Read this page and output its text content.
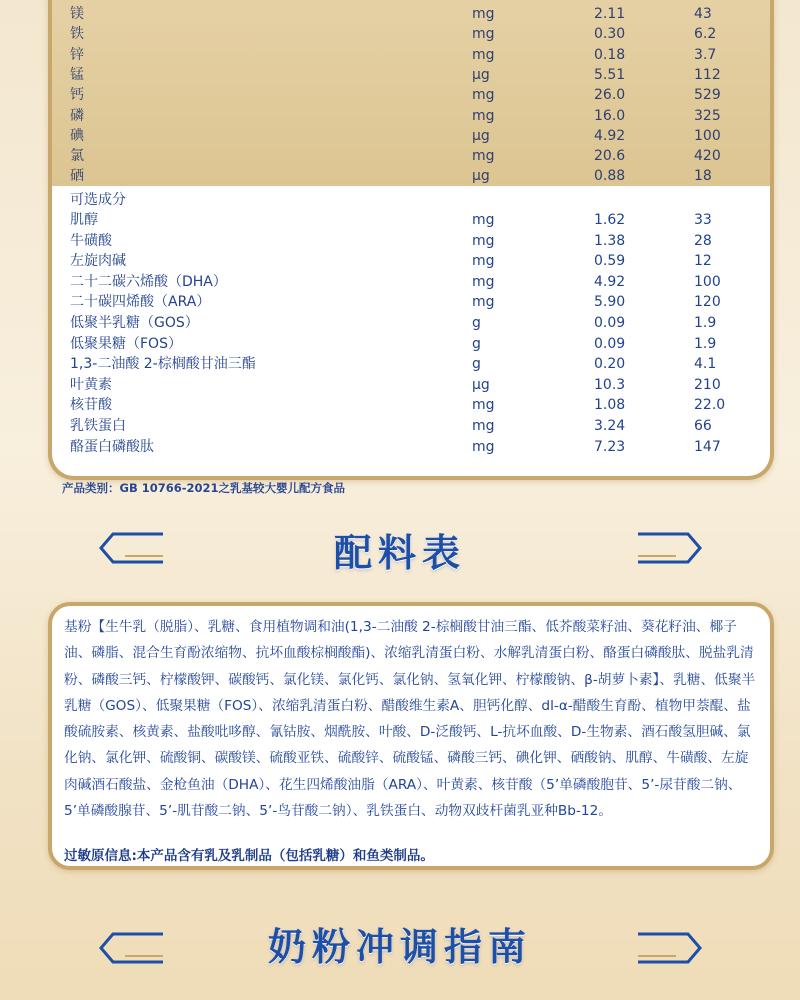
镁	mg	2.11	43
铁	mg	0.30	6.2
锌	mg	0.18	3.7
锰	μg	5.51	112
钙	mg	26.0	529
磷	mg	16.0	325
碘	μg	4.92	100
氯	mg	20.6	420
硒	μg	0.88	18
可选成分
肌醇	mg	1.62	33
牛磺酸	mg	1.38	28
左旋肉碱	mg	0.59	12
二十二碳六烯酸（DHA）	mg	4.92	100
二十碳四烯酸（ARA）	mg	5.90	120
低聚半乳糖（GOS）	g	0.09	1.9
低聚果糖（FOS）	g	0.09	1.9
1,3-二油酸 2-棕榈酸甘油三酯	g	0.20	4.1
叶黄素	μg	10.3	210
核苷酸	mg	1.08	22.0
乳铁蛋白	mg	3.24	66
酪蛋白磷酸肽	mg	7.23	147
产品类别：GB 10766-2021之乳基较大婴儿配方食品
配料表
基粉【生牛乳（脱脂）、乳糖、食用植物调和油(1,3-二油酸 2-棕榈酸甘油三酯、低芥酸菜籽油、葵花籽油、椰子油、磷脂、混合生育酚浓缩物、抗坏血酸棕榈酸酯)、浓缩乳清蛋白粉、水解乳清蛋白粉、酪蛋白磷酸肽、脱盐乳清粉、磷酸三钙、柠檬酸钾、碳酸钙、氯化镁、氯化钙、氯化钠、氢氧化钾、柠檬酸钠、β-胡萝卜素】、乳糖、低聚半乳糖（GOS）、低聚果糖（FOS）、浓缩乳清蛋白粉、醋酸维生素A、胆钙化醇、dl-α-醋酸生育酚、植物甲萘醌、盐酸硫胺素、核黄素、盐酸吡哆醇、氰钴胺、烟酰胺、叶酸、D-泛酸钙、L-抗坏血酸、D-生物素、酒石酸氢胆碱、氯化钠、氯化钾、硫酸铜、碳酸镁、硫酸亚铁、硫酸锌、硫酸锰、磷酸三钙、碘化钾、硒酸钠、肌醇、牛磺酸、左旋肉碱酒石酸盐、金枪鱼油（DHA）、花生四烯酸油脂（ARA）、叶黄素、核苷酸（5’单磷酸胞苷、5’-尿苷酸二钠、5’单磷酸腺苷、5’-肌苷酸二钠、5’-鸟苷酸二钠）、乳铁蛋白、动物双歧杆菌乳亚种Bb-12。
过敏原信息:本产品含有乳及乳制品（包括乳糖）和鱼类制品。
奶粉冲调指南
